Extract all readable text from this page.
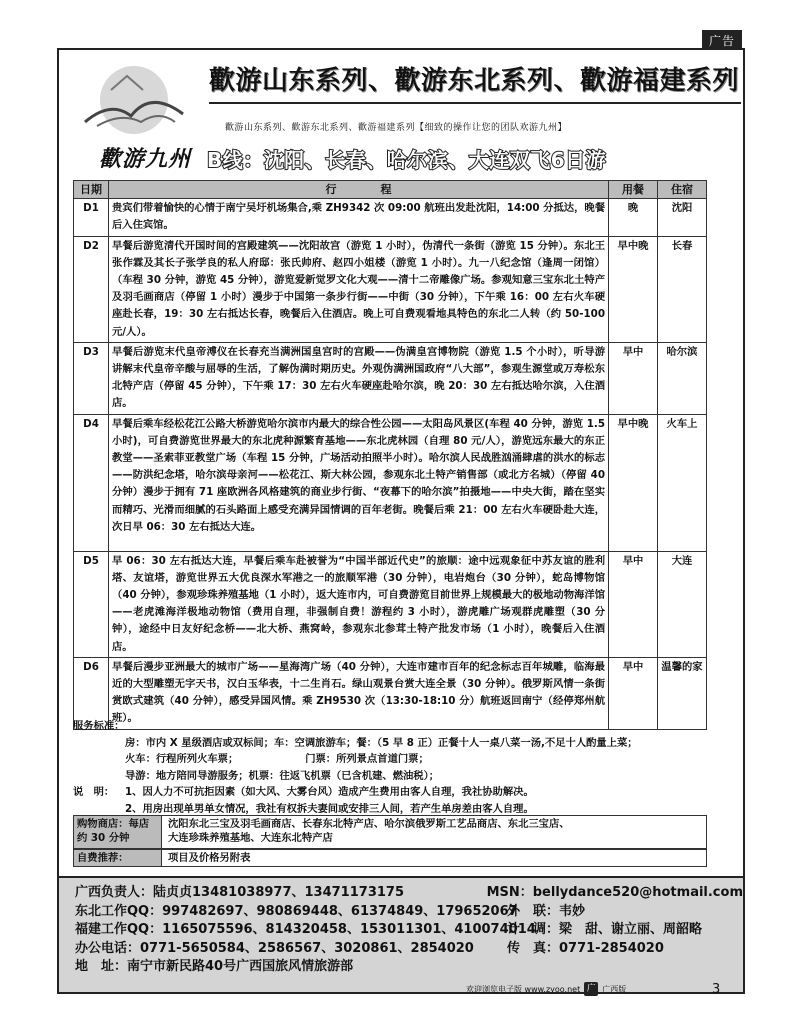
广告
歡游九州
歡游山东系列、歡游东北系列、歡游福建系列
歡游山东系列、歡游东北系列、歡游福建系列【细致的操作让您的团队欢游九州】
B线：沈阳、长春、哈尔滨、大连双飞6日游
日期	行　　　　程	用餐	住宿
D1	贵宾们带着愉快的心情于南宁吴圩机场集合,乘 ZH9342 次 09:00 航班出发赴沈阳，14:00 分抵达，晚餐后入住宾馆。	晚	沈阳
D2	早餐后游览清代开国时间的宫殿建筑——沈阳故宫（游览 1 小时），伪清代一条街（游览 15 分钟）。东北王张作霖及其长子张学良的私人府邸：张氏帅府、赵四小姐楼（游览 1 小时）。九一八纪念馆（逢周一闭馆）（车程 30 分钟，游览 45 分钟），游览爱新觉罗文化大观——清十二帝雕像广场。参观知意三宝东北土特产及羽毛画商店（停留 1 小时）漫步于中国第一条步行街——中街（30 分钟），下午乘 16：00 左右火车硬座赴长春，19：30 左右抵达长春，晚餐后入住酒店。晚上可自费观看地具特色的东北二人转（约 50-100 元/人）。	早中晚	长春
D3	早餐后游览末代皇帝溥仪在长春充当满洲国皇宫时的宫殿——伪满皇宫博物院（游览 1.5 个小时），听导游讲解末代皇帝辛酸与屈辱的生活，了解伪满时期历史。外观伪满洲国政府“八大部”，参观生源堂或万寿松东北特产店（停留 45 分钟），下午乘 17：30 左右火车硬座赴哈尔滨，晚 20：30 左右抵达哈尔滨，入住酒店。	早中	哈尔滨
D4	早餐后乘车经松花江公路大桥游览哈尔滨市内最大的综合性公园——太阳岛风景区(车程 40 分钟，游览 1.5 小时)，可自费游览世界最大的东北虎种源繁育基地——东北虎林园（自理 80 元/人），游览远东最大的东正教堂——圣索菲亚教堂广场（车程 15 分钟，广场活动拍照半小时）。哈尔滨人民战胜汹涌肆虐的洪水的标志——防洪纪念塔，哈尔滨母亲河——松花江、斯大林公园，参观东北土特产销售部（或北方名城）（停留 40 分钟）漫步于拥有 71 座欧洲各风格建筑的商业步行街、“夜幕下的哈尔滨”拍摄地——中央大街，踏在坚实而精巧、光滑而细腻的石头路面上感受充满异国情调的百年老街。晚餐后乘 21：00 左右火车硬卧赴大连，次日早 06：30 左右抵达大连。	早中晚	火车上
D5	早 06：30 左右抵达大连，早餐后乘车赴被誉为“中国半部近代史”的旅顺：途中远观象征中苏友谊的胜利塔、友谊塔，游览世界五大优良深水军港之一的旅顺军港（30 分钟），电岩炮台（30 分钟），蛇岛博物馆（40 分钟），参观珍珠养殖基地（1 小时），返大连市内，可自费游览目前世界上规模最大的极地动物海洋馆——老虎滩海洋极地动物馆（费用自理，非强制自费！游程约 3 小时），游虎雕广场观群虎雕塑（30 分钟），途经中日友好纪念桥——北大桥、燕窝岭，参观东北参茸土特产批发市场（1 小时），晚餐后入住酒店。	早中	大连
D6	早餐后漫步亚洲最大的城市广场——星海湾广场（40 分钟），大连市建市百年的纪念标志百年城雕，临海最近的大型雕塑无字天书，汉白玉华表，十二生肖石。绿山观景台赏大连全景（30 分钟）。俄罗斯风情一条街赏欧式建筑（40 分钟），感受异国风情。乘 ZH9530 次（13:30-18:10 分）航班返回南宁（经停郑州航班）。	早中	温馨的家
服务标准：
房：市内 X 星级酒店或双标间；车：空调旅游车；餐：（5 早 8 正）正餐十人一桌八菜一汤,不足十人酌量上菜；
火车：行程所列火车票；　　　　　　　门票：所列景点首道门票；
导游：地方陪同导游服务；机票：往返飞机票（已含机建、燃油税）；
说　明：	1、因人力不可抗拒因素（如大风、大雾台风）造成产生费用由客人自理，我社协助解决。
2、用房出现单男单女情况，我社有权拆夫妻间或安排三人间，若产生单房差由客人自理。
购物商店：每店约 30 分钟
沈阳东北三宝及羽毛画商店、长春东北特产店、哈尔滨俄罗斯工艺品商店、东北三宝店、
大连珍珠养殖基地、大连东北特产店
自费推荐：	项目及价格另附表
广西负责人：陆贞贞13481038977、13471173175	MSN：bellydance520@hotmail.com
东北工作QQ：997482697、980869448、61374849、179652067
外　联：韦妙
福建工作QQ：1165075596、814320458、153011301、410074014
计　调：梁　甜、谢立丽、周韶略
办公电话：0771-5650584、2586567、3020861、2854020	传　真：0771-2854020
地　址：南宁市新民路40号广西国旅风情旅游部
欢迎浏览电子版 www.zyoo.net 广 广西版	3
